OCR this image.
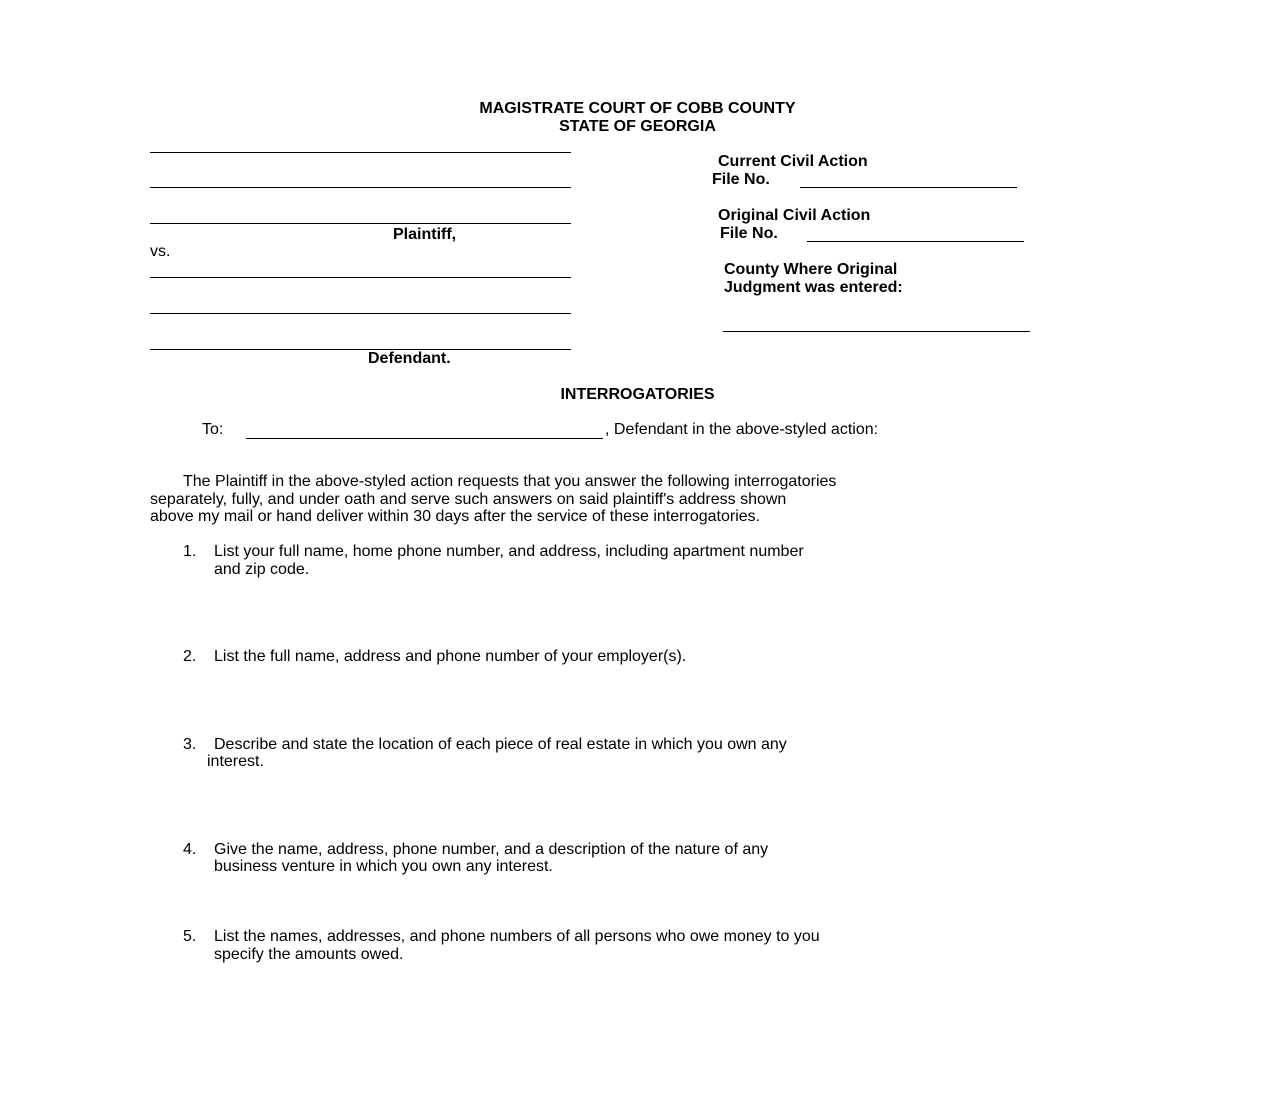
MAGISTRATE COURT OF COBB COUNTY
STATE OF GEORGIA
Plaintiff,
vs.
Defendant.
Current Civil Action
File No.
Original Civil Action
File No.
County Where Original
Judgment was entered:
INTERROGATORIES
To:	, Defendant in the above-styled action:
The Plaintiff in the above-styled action requests that you answer the following interrogatories
separately, fully, and under oath and serve such answers on said plaintiff's address shown
above my mail or hand deliver within 30 days after the service of these interrogatories.
1. List your full name, home phone number, and address, including apartment number
and zip code.
2. List the full name, address and phone number of your employer(s).
3. Describe and state the location of each piece of real estate in which you own any
interest.
4. Give the name, address, phone number, and a description of the nature of any
business venture in which you own any interest.
5. List the names, addresses, and phone numbers of all persons who owe money to you
specify the amounts owed.
